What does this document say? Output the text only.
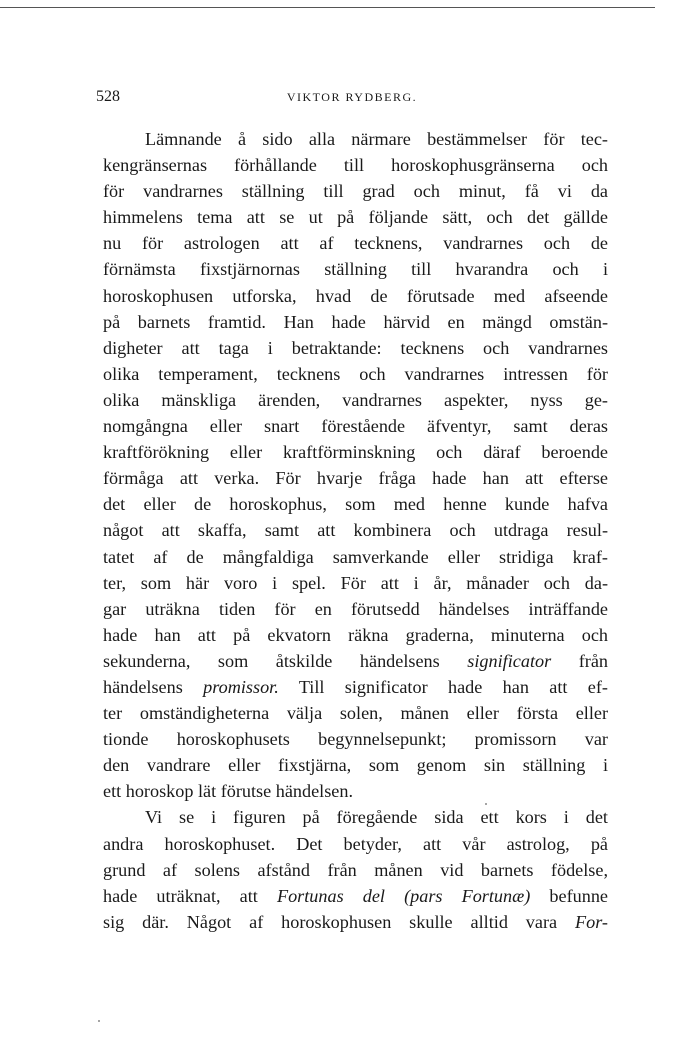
528	VIKTOR RYDBERG.
Lämnande å sido alla närmare bestämmelser för tec-
kengränsernas förhållande till horoskophusgränserna och
för vandrarnes ställning till grad och minut, få vi da
himmelens tema att se ut på följande sätt, och det gällde
nu för astrologen att af tecknens, vandrarnes och de
förnämsta fixstjärnornas ställning till hvarandra och i
horoskophusen utforska, hvad de förutsade med afseende
på barnets framtid. Han hade härvid en mängd omstän-
digheter att taga i betraktande: tecknens och vandrarnes
olika temperament, tecknens och vandrarnes intressen för
olika mänskliga ärenden, vandrarnes aspekter, nyss ge-
nomgångna eller snart förestående äfventyr, samt deras
kraftförökning eller kraftförminskning och däraf beroende
förmåga att verka. För hvarje fråga hade han att efterse
det eller de horoskophus, som med henne kunde hafva
något att skaffa, samt att kombinera och utdraga resul-
tatet af de mångfaldiga samverkande eller stridiga kraf-
ter, som här voro i spel. För att i år, månader och da-
gar uträkna tiden för en förutsedd händelses inträffande
hade han att på ekvatorn räkna graderna, minuterna och
sekunderna, som åtskilde händelsens significator från
händelsens promissor. Till significator hade han att ef-
ter omständigheterna välja solen, månen eller första eller
tionde horoskophusets begynnelsepunkt; promissorn var
den vandrare eller fixstjärna, som genom sin ställning i
ett horoskop lät förutse händelsen.
Vi se i figuren på föregående sida ett kors i det
andra horoskophuset. Det betyder, att vår astrolog, på
grund af solens afstånd från månen vid barnets födelse,
hade uträknat, att Fortunas del (pars Fortunæ) befunne
sig där. Något af horoskophusen skulle alltid vara For-
